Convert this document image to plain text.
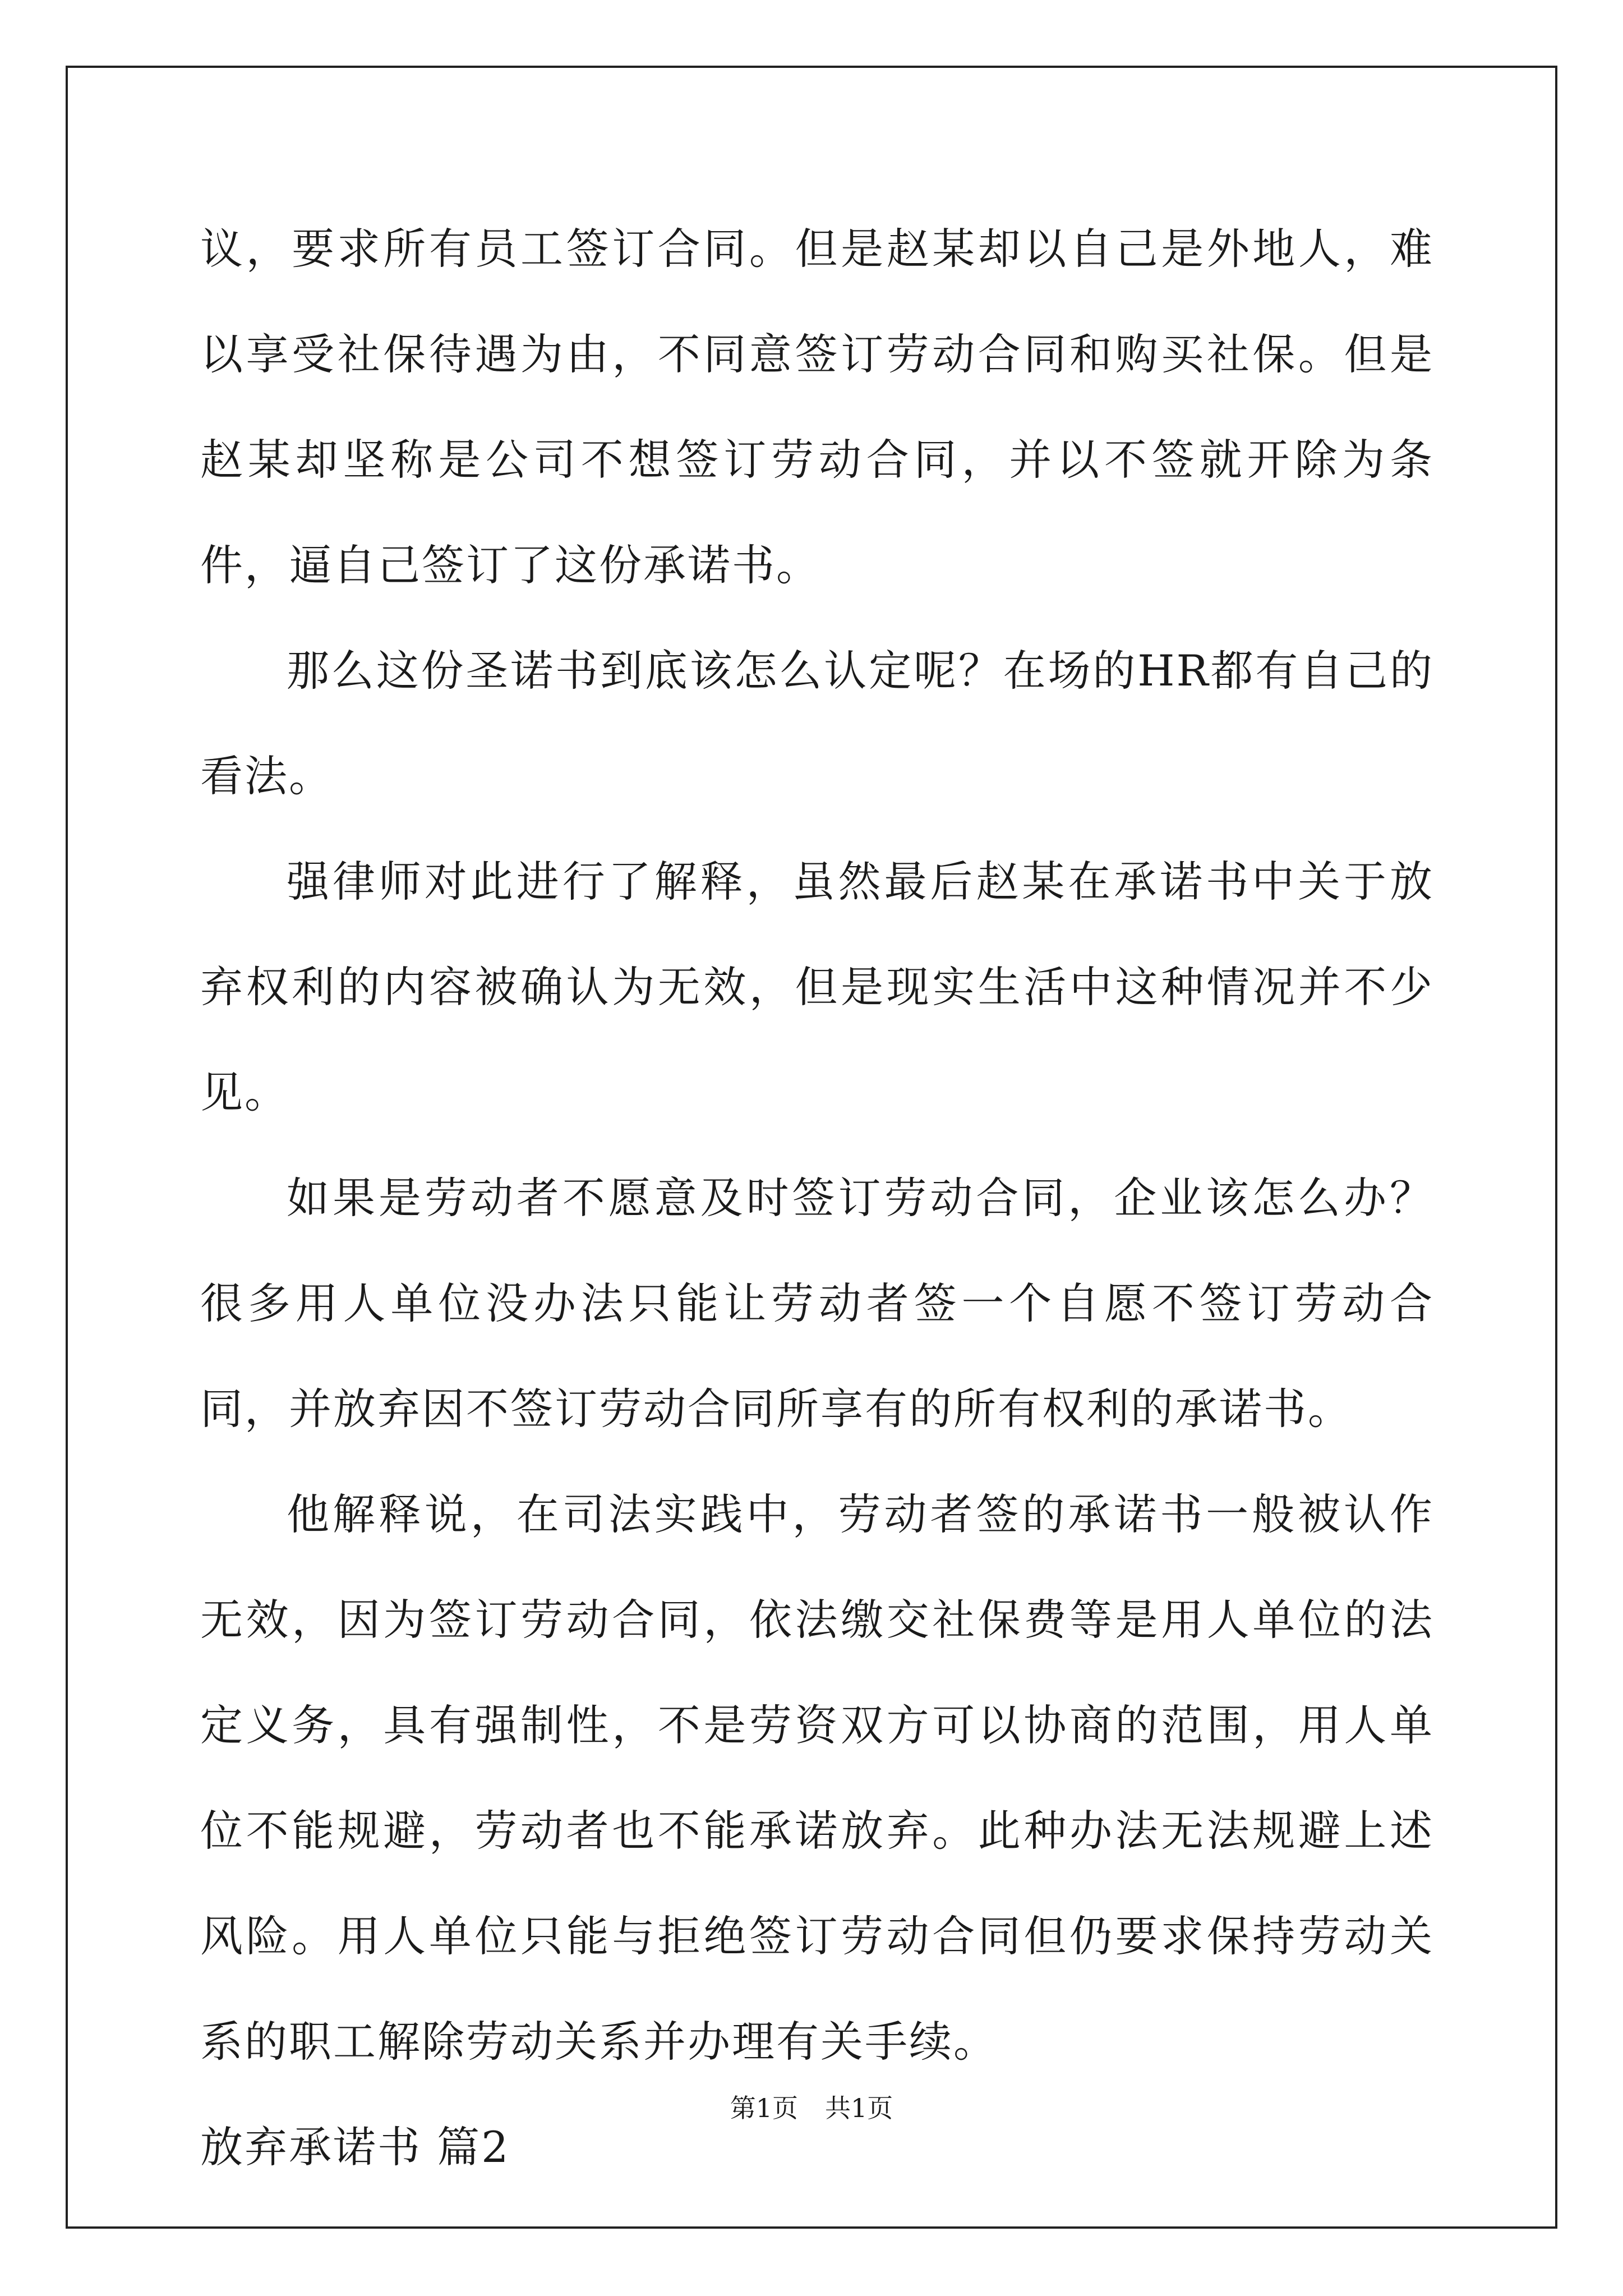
议，要求所有员工签订合同。但是赵某却以自己是外地人，难以享受社保待遇为由，不同意签订劳动合同和购买社保。但是赵某却坚称是公司不想签订劳动合同，并以不签就开除为条件，逼自己签订了这份承诺书。

那么这份圣诺书到底该怎么认定呢？在场的HR都有自己的看法。

强律师对此进行了解释，虽然最后赵某在承诺书中关于放弃权利的内容被确认为无效，但是现实生活中这种情况并不少见。

如果是劳动者不愿意及时签订劳动合同，企业该怎么办？很多用人单位没办法只能让劳动者签一个自愿不签订劳动合同，并放弃因不签订劳动合同所享有的所有权利的承诺书。

他解释说，在司法实践中，劳动者签的承诺书一般被认作无效，因为签订劳动合同，依法缴交社保费等是用人单位的法定义务，具有强制性，不是劳资双方可以协商的范围，用人单位不能规避，劳动者也不能承诺放弃。此种办法无法规避上述风险。用人单位只能与拒绝签订劳动合同但仍要求保持劳动关系的职工解除劳动关系并办理有关手续。

放弃承诺书 篇2

第1页 共1页
